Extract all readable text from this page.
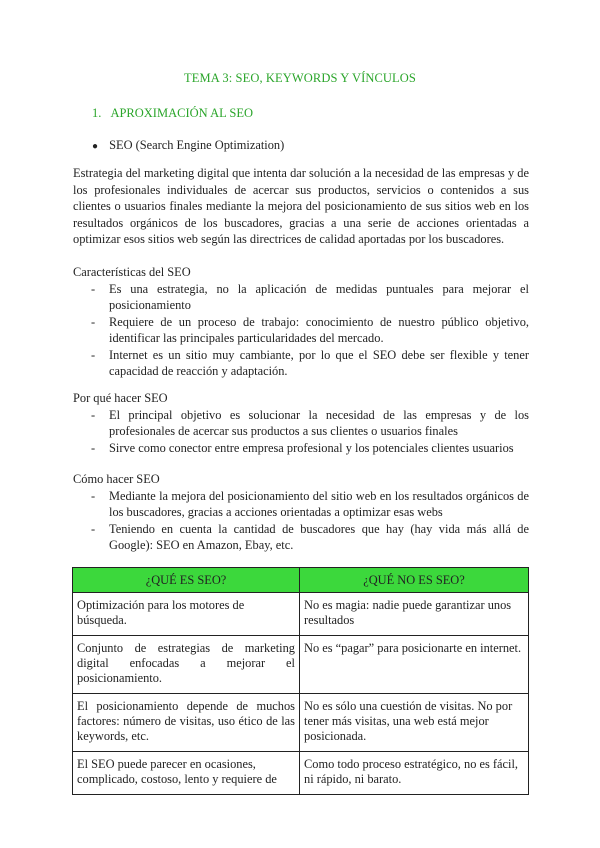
TEMA 3: SEO, KEYWORDS Y VÍNCULOS
1. APROXIMACIÓN AL SEO
● SEO (Search Engine Optimization)

Estrategia del marketing digital que intenta dar solución a la necesidad de las empresas y de los profesionales individuales de acercar sus productos, servicios o contenidos a sus clientes o usuarios finales mediante la mejora del posicionamiento de sus sitios web en los resultados orgánicos de los buscadores, gracias a una serie de acciones orientadas a optimizar esos sitios web según las directrices de calidad aportadas por los buscadores.

Características del SEO

- Es una estrategia, no la aplicación de medidas puntuales para mejorar el posicionamiento
- Requiere de un proceso de trabajo: conocimiento de nuestro público objetivo, identificar las principales particularidades del mercado.
- Internet es un sitio muy cambiante, por lo que el SEO debe ser flexible y tener capacidad de reacción y adaptación.

Por qué hacer SEO

- El principal objetivo es solucionar la necesidad de las empresas y de los profesionales de acercar sus productos a sus clientes o usuarios finales
- Sirve como conector entre empresa profesional y los potenciales clientes usuarios

Cómo hacer SEO

- Mediante la mejora del posicionamiento del sitio web en los resultados orgánicos de los buscadores, gracias a acciones orientadas a optimizar esas webs
- Teniendo en cuenta la cantidad de buscadores que hay (hay vida más allá de Google): SEO en Amazon, Ebay, etc.
¿QUÉ ES SEO?	¿QUÉ NO ES SEO?
Optimización para los motores de búsqueda.	No es magia: nadie puede garantizar unos resultados
Conjunto de estrategias de marketing digital enfocadas a mejorar el posicionamiento.	No es “pagar” para posicionarte en internet.
El posicionamiento depende de muchos factores: número de visitas, uso ético de las keywords, etc.	No es sólo una cuestión de visitas. No por tener más visitas, una web está mejor posicionada.
El SEO puede parecer en ocasiones, complicado, costoso, lento y requiere de	Como todo proceso estratégico, no es fácil, ni rápido, ni barato.
